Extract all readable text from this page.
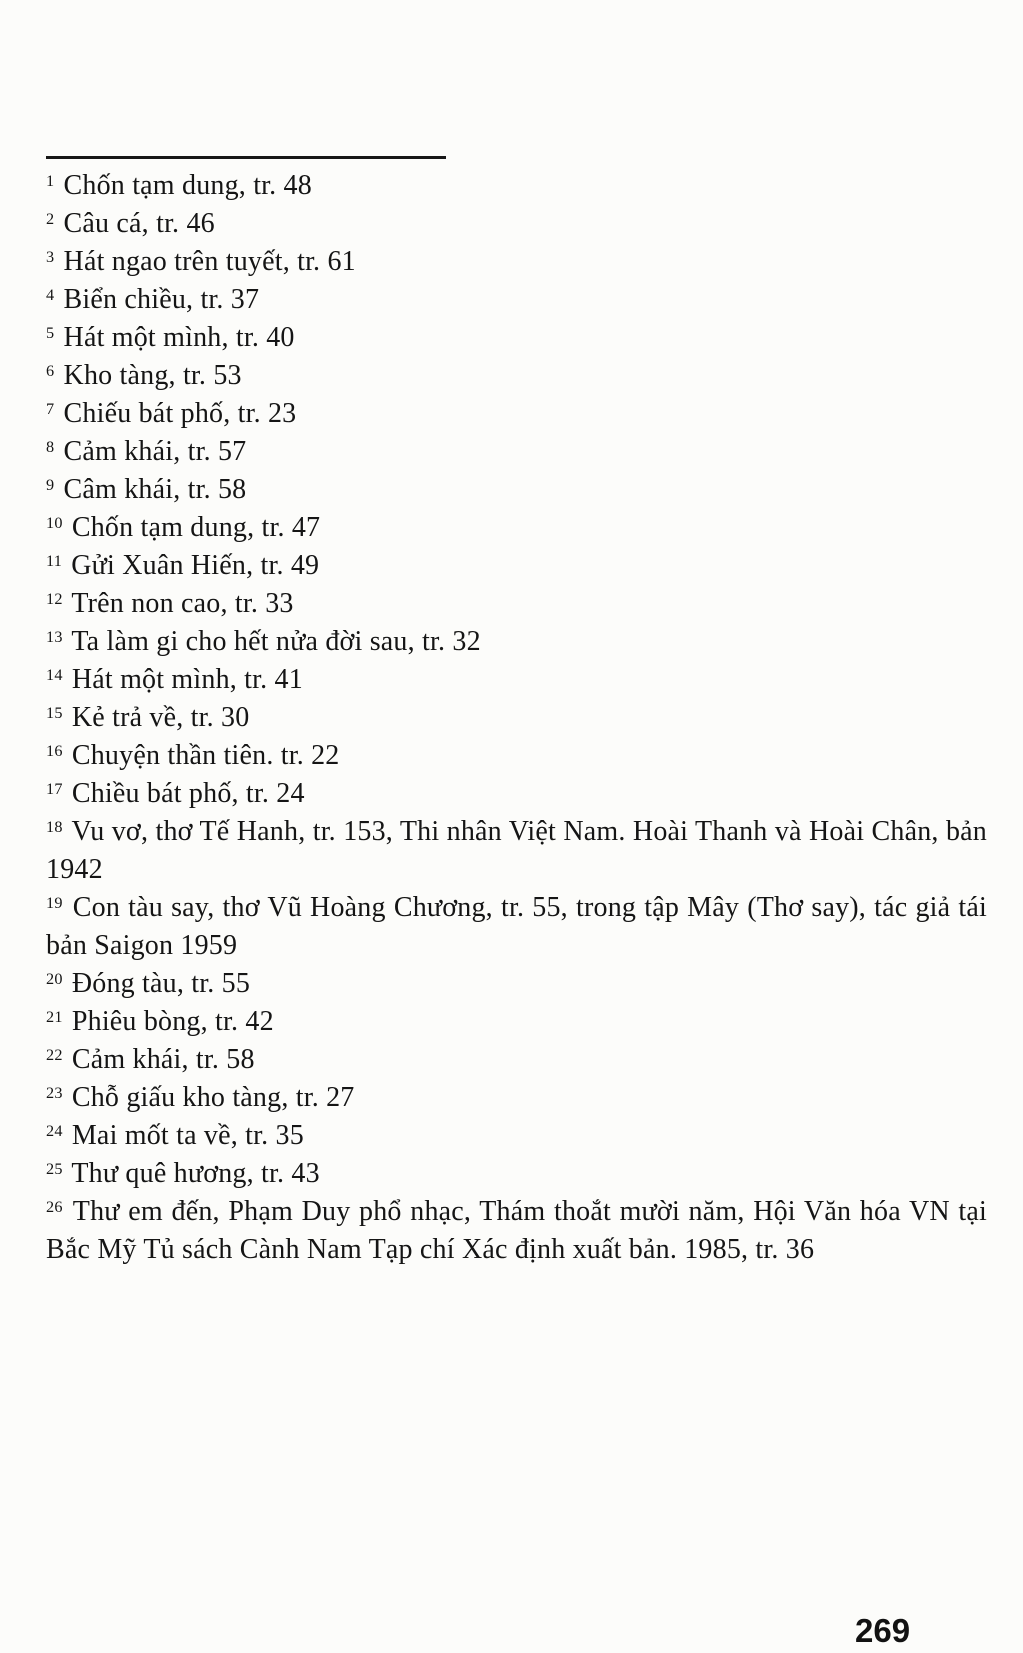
$^1$ Chốn tạm dung, tr. 48
$^2$ Câu cá, tr. 46
$^3$ Hát ngao trên tuyết, tr. 61
$^4$ Biển chiều, tr. 37
$^5$ Hát một mình, tr. 40
$^6$ Kho tàng, tr. 53
$^7$ Chiếu bát phố, tr. 23
$^8$ Cảm khái, tr. 57
$^9$ Câm khái, tr. 58
$^{10}$ Chốn tạm dung, tr. 47
$^{11}$ Gửi Xuân Hiến, tr. 49
$^{12}$ Trên non cao, tr. 33
$^{13}$ Ta làm gi cho hết nửa đời sau, tr. 32
$^{14}$ Hát một mình, tr. 41
$^{15}$ Kẻ trả về, tr. 30
$^{16}$ Chuyện thần tiên. tr. 22
$^{17}$ Chiều bát phố, tr. 24
$^{18}$ Vu vơ, thơ Tế Hanh, tr. 153, Thi nhân Việt Nam. Hoài Thanh và Hoài Chân, bản 1942
$^{19}$ Con tàu say, thơ Vũ Hoàng Chương, tr. 55, trong tập Mây (Thơ say), tác giả tái bản Saigon 1959
$^{20}$ Đóng tàu, tr. 55
$^{21}$ Phiêu bòng, tr. 42
$^{22}$ Cảm khái, tr. 58
$^{23}$ Chỗ giấu kho tàng, tr. 27
$^{24}$ Mai mốt ta về, tr. 35
$^{25}$ Thư quê hương, tr. 43
$^{26}$ Thư em đến, Phạm Duy phổ nhạc, Thám thoắt mười năm, Hội Văn hóa VN tại Bắc Mỹ Tủ sách Cành Nam Tạp chí Xác định xuất bản. 1985, tr. 36
269
